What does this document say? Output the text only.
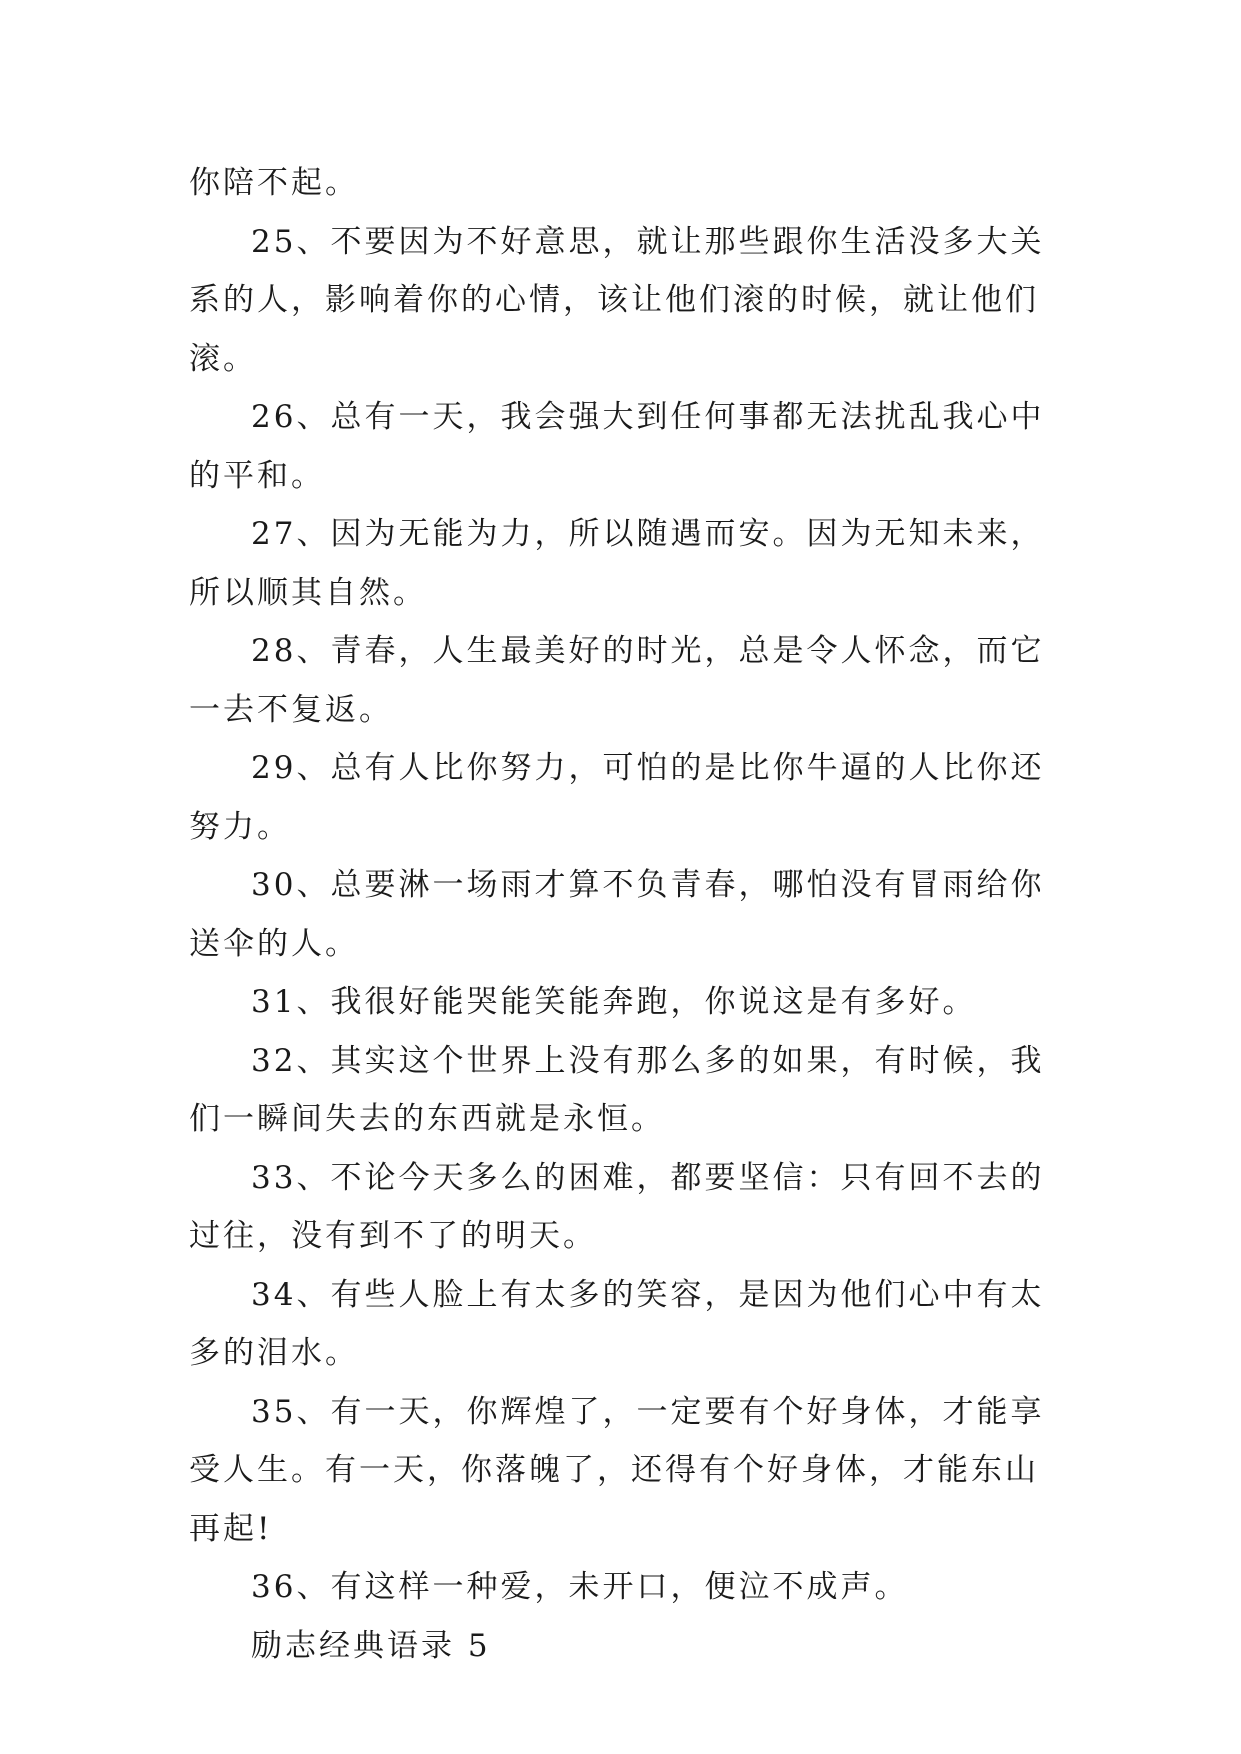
你陪不起。

25、不要因为不好意思，就让那些跟你生活没多大关系的人，影响着你的心情，该让他们滚的时候，就让他们滚。

26、总有一天，我会强大到任何事都无法扰乱我心中的平和。

27、因为无能为力，所以随遇而安。因为无知未来，所以顺其自然。

28、青春，人生最美好的时光，总是令人怀念，而它一去不复返。

29、总有人比你努力，可怕的是比你牛逼的人比你还努力。

30、总要淋一场雨才算不负青春，哪怕没有冒雨给你送伞的人。

31、我很好能哭能笑能奔跑，你说这是有多好。

32、其实这个世界上没有那么多的如果，有时候，我们一瞬间失去的东西就是永恒。

33、不论今天多么的困难，都要坚信：只有回不去的过往，没有到不了的明天。

34、有些人脸上有太多的笑容，是因为他们心中有太多的泪水。

35、有一天，你辉煌了，一定要有个好身体，才能享受人生。有一天，你落魄了，还得有个好身体，才能东山再起!

36、有这样一种爱，未开口，便泣不成声。

励志经典语录 5
